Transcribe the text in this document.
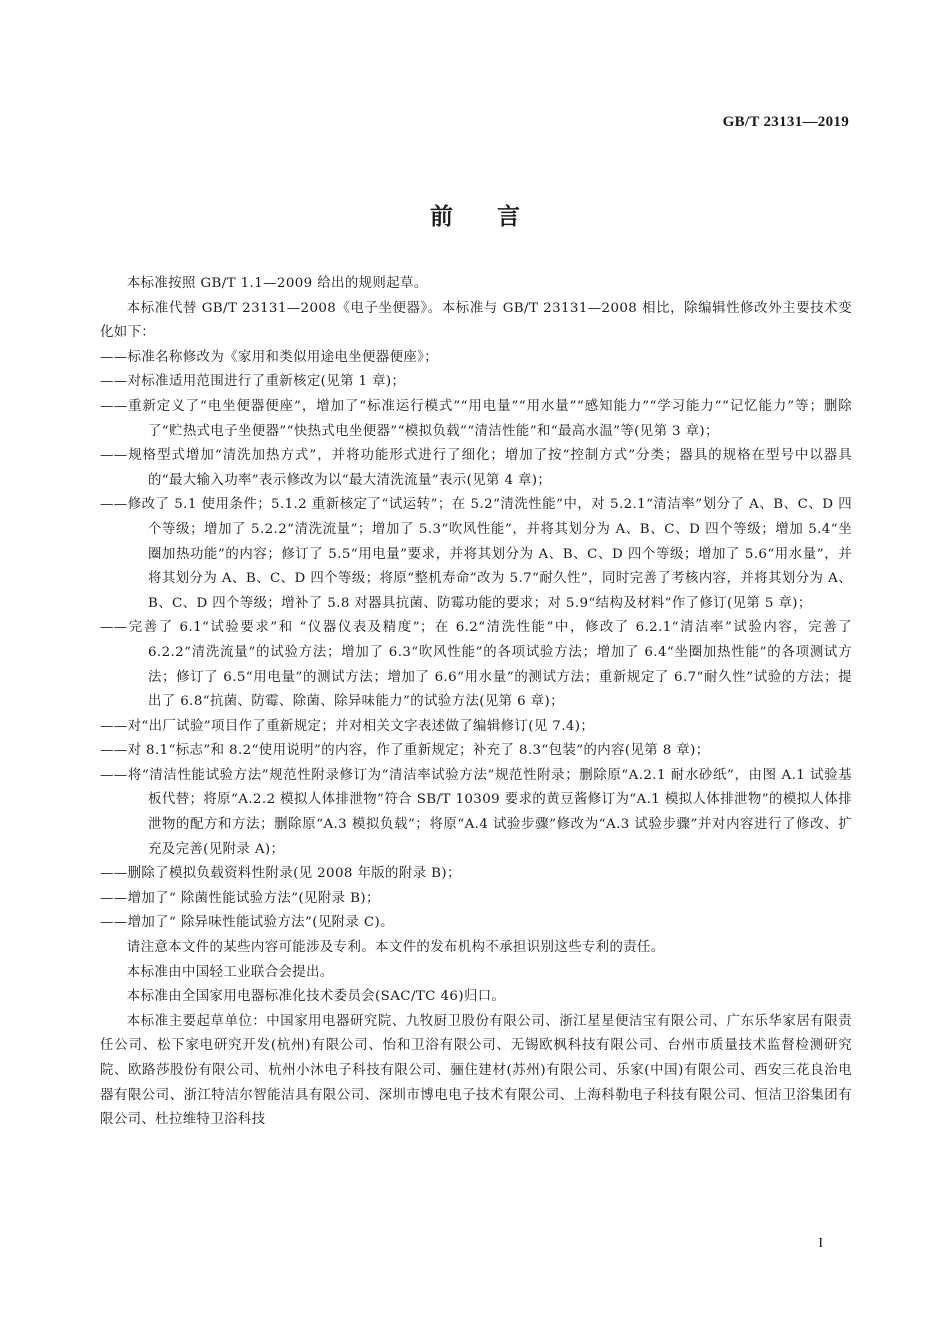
GB/T 23131—2019
前言

本标准按照 GB/T 1.1—2009 给出的规则起草。

本标准代替 GB/T 23131—2008《电子坐便器》。本标准与 GB/T 23131—2008 相比，除编辑性修改外主要技术变化如下：

——标准名称修改为《家用和类似用途电坐便器便座》；

——对标准适用范围进行了重新核定(见第 1 章)；

——重新定义了“电坐便器便座”，增加了“标准运行模式”“用电量”“用水量”“感知能力”“学习能力”“记忆能力”等；删除了“贮热式电子坐便器”“快热式电坐便器”“模拟负载”“清洁性能”和“最高水温”等(见第 3 章)；

——规格型式增加“清洗加热方式”，并将功能形式进行了细化；增加了按“控制方式”分类；器具的规格在型号中以器具的“最大输入功率”表示修改为以“最大清洗流量”表示(见第 4 章)；

——修改了 5.1 使用条件；5.1.2 重新核定了“试运转”；在 5.2“清洗性能”中，对 5.2.1“清洁率”划分了 A、B、C、D 四个等级；增加了 5.2.2“清洗流量”；增加了 5.3“吹风性能”，并将其划分为 A、B、C、D 四个等级；增加 5.4“坐圈加热功能”的内容；修订了 5.5“用电量”要求，并将其划分为 A、B、C、D 四个等级；增加了 5.6“用水量”，并将其划分为 A、B、C、D 四个等级；将原“整机寿命”改为 5.7“耐久性”，同时完善了考核内容，并将其划分为 A、B、C、D 四个等级；增补了 5.8 对器具抗菌、防霉功能的要求；对 5.9“结构及材料”作了修订(见第 5 章)；

——完善了 6.1“试验要求”和 “仪器仪表及精度”；在 6.2“清洗性能”中，修改了 6.2.1“清洁率”试验内容，完善了 6.2.2“清洗流量”的试验方法；增加了 6.3“吹风性能”的各项试验方法；增加了 6.4“坐圈加热性能”的各项测试方法；修订了 6.5“用电量”的测试方法；增加了 6.6“用水量”的测试方法；重新规定了 6.7“耐久性”试验的方法；提出了 6.8“抗菌、防霉、除菌、除异味能力”的试验方法(见第 6 章)；

——对“出厂试验”项目作了重新规定；并对相关文字表述做了编辑修订(见 7.4)；

——对 8.1“标志”和 8.2“使用说明”的内容，作了重新规定；补充了 8.3“包装”的内容(见第 8 章)；

——将“清洁性能试验方法”规范性附录修订为“清洁率试验方法”规范性附录；删除原“A.2.1 耐水砂纸”，由图 A.1 试验基板代替；将原“A.2.2 模拟人体排泄物”符合 SB/T 10309 要求的黄豆酱修订为“A.1 模拟人体排泄物”的模拟人体排泄物的配方和方法；删除原“A.3 模拟负载”；将原“A.4 试验步骤”修改为“A.3 试验步骤”并对内容进行了修改、扩充及完善(见附录 A)；

——删除了模拟负载资料性附录(见 2008 年版的附录 B)；

——增加了“ 除菌性能试验方法”(见附录 B)；

——增加了“ 除异味性能试验方法”(见附录 C)。

请注意本文件的某些内容可能涉及专利。本文件的发布机构不承担识别这些专利的责任。

本标准由中国轻工业联合会提出。

本标准由全国家用电器标准化技术委员会(SAC/TC 46)归口。

本标准主要起草单位：中国家用电器研究院、九牧厨卫股份有限公司、浙江星星便洁宝有限公司、广东乐华家居有限责任公司、松下家电研究开发(杭州)有限公司、怡和卫浴有限公司、无锡欧枫科技有限公司、台州市质量技术监督检测研究院、欧路莎股份有限公司、杭州小沐电子科技有限公司、骊住建材(苏州)有限公司、乐家(中国)有限公司、西安三花良治电器有限公司、浙江特洁尔智能洁具有限公司、深圳市博电电子技术有限公司、上海科勒电子科技有限公司、恒洁卫浴集团有限公司、杜拉维特卫浴科技

I
